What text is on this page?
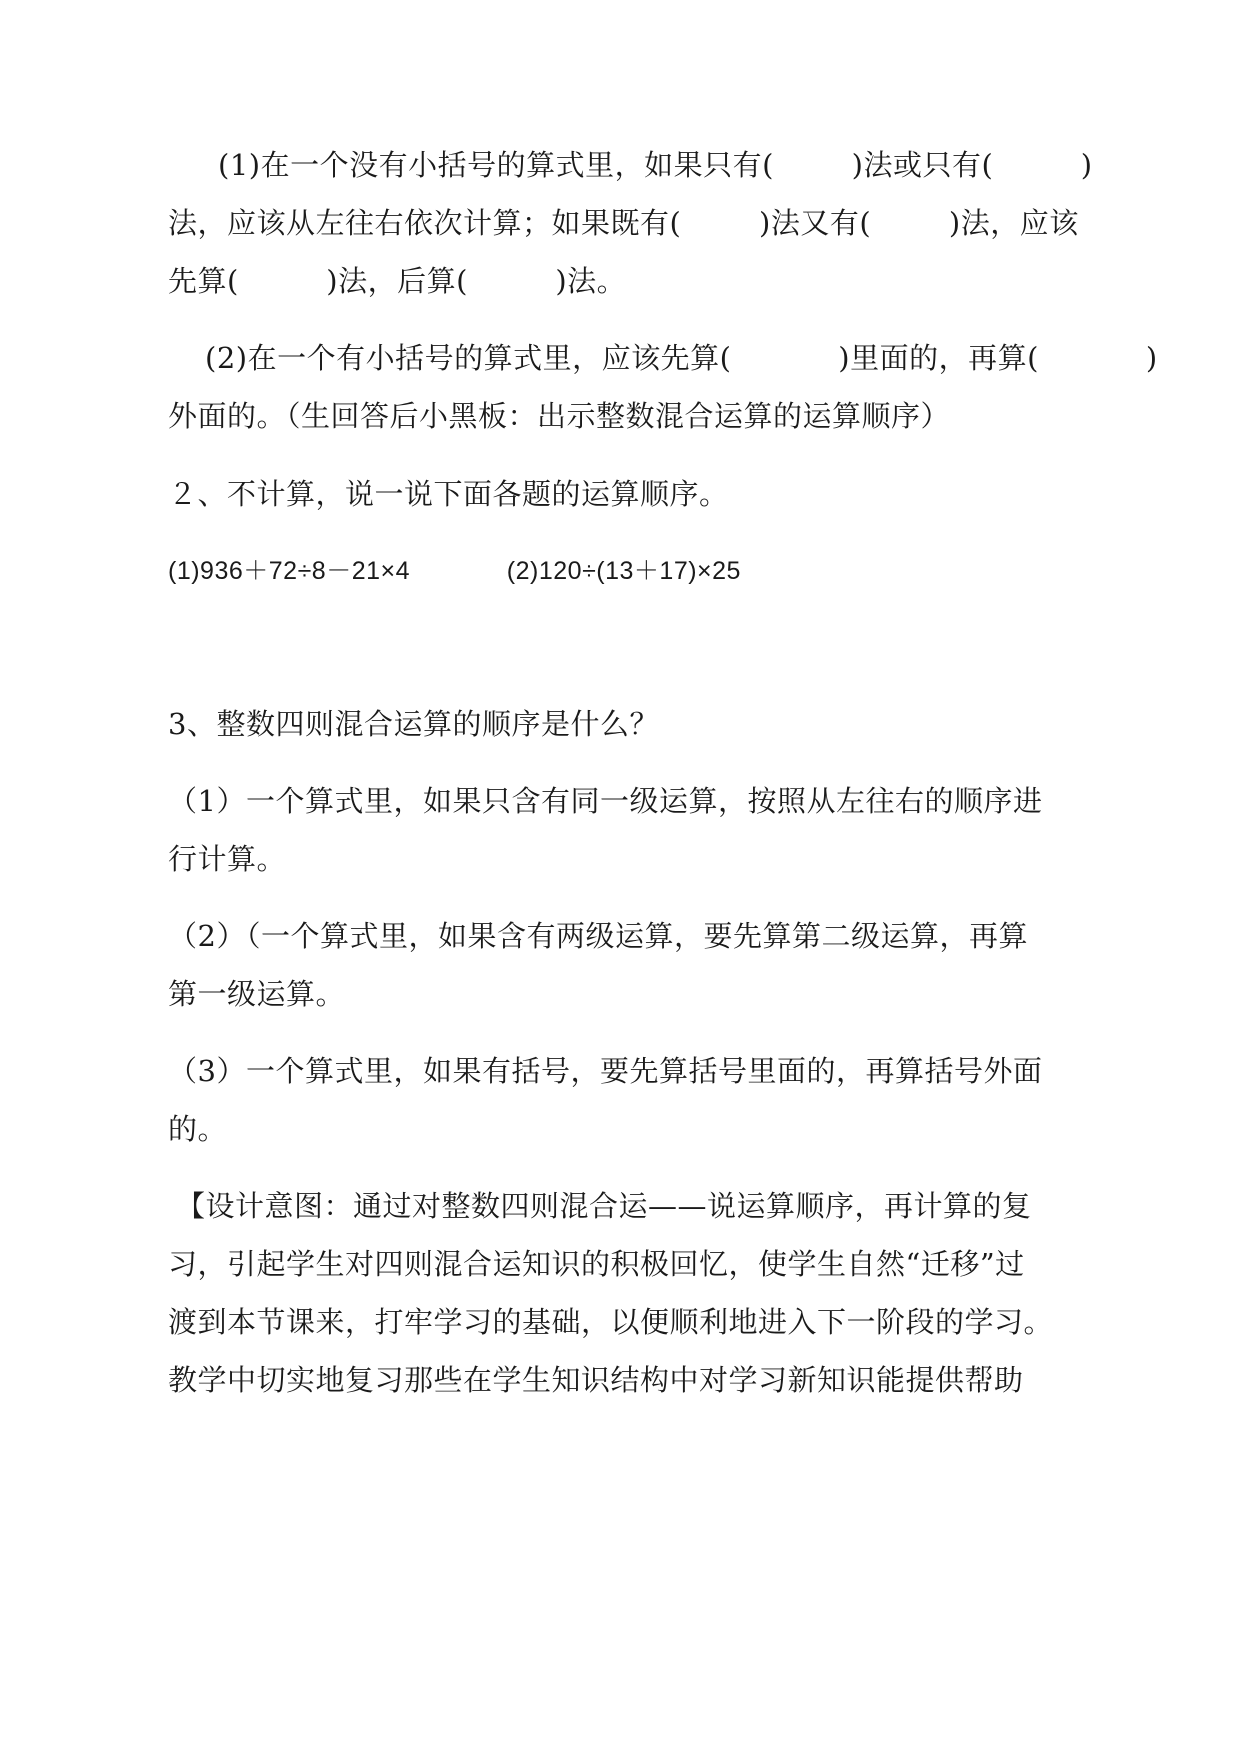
(1)在一个没有小括号的算式里，如果只有(        )法或只有(         )
法，应该从左往右依次计算；如果既有(        )法又有(        )法，应该
先算(         )法，后算(         )法。
(2)在一个有小括号的算式里，应该先算(           )里面的，再算(           )
外面的。（生回答后小黑板：出示整数混合运算的运算顺序）
２、不计算，说一说下面各题的运算顺序。
(1)936＋72÷8－21×4             (2)120÷(13＋17)×25
3、整数四则混合运算的顺序是什么？
（1）一个算式里，如果只含有同一级运算，按照从左往右的顺序进
行计算。
（2）（一个算式里，如果含有两级运算，要先算第二级运算，再算
第一级运算。
（3）一个算式里，如果有括号，要先算括号里面的，再算括号外面
的。
【设计意图：通过对整数四则混合运——说运算顺序，再计算的复
习，引起学生对四则混合运知识的积极回忆，使学生自然“迁移”过
渡到本节课来，打牢学习的基础，以便顺利地进入下一阶段的学习。
教学中切实地复习那些在学生知识结构中对学习新知识能提供帮助
